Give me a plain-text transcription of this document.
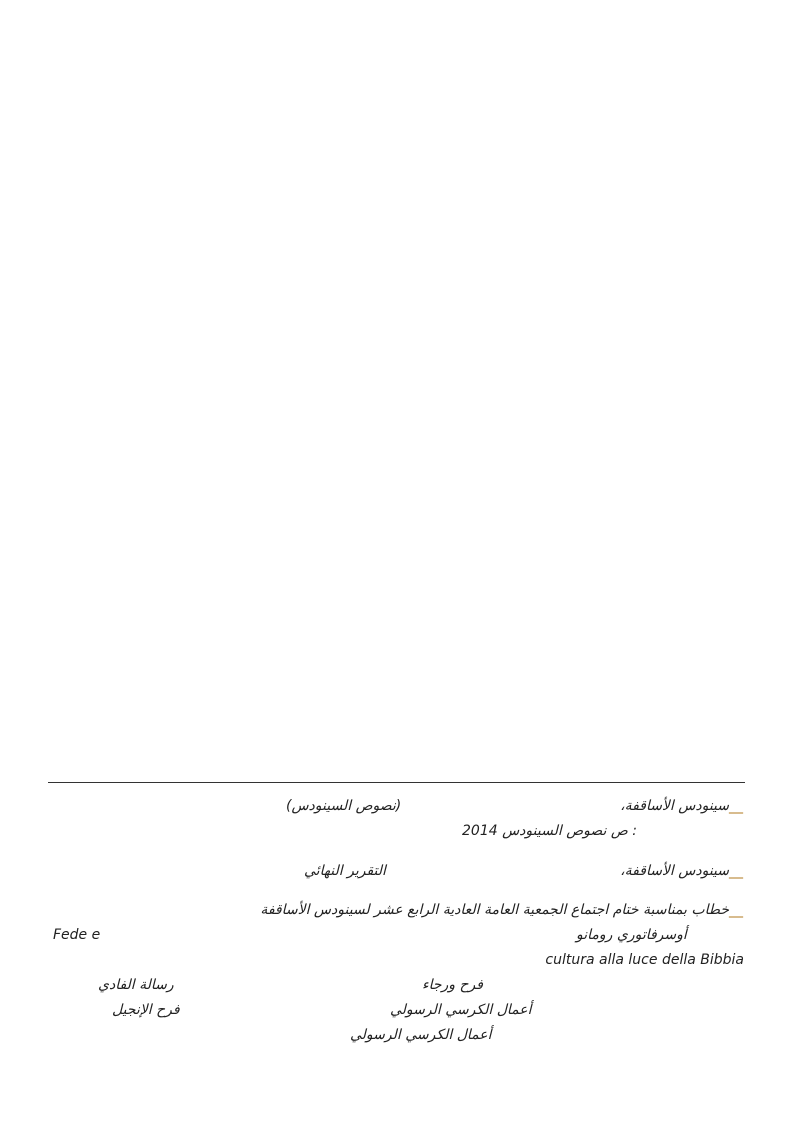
__سينودس الأساقفة،
(نصوص السينودس)
: ص نصوص السينودس 2014
__سينودس الأساقفة،
التقرير النهائي
__خطاب بمناسبة ختام اجتماع الجمعية العامة العادية الرابع عشر لسينودس الأساقفة
أوسرفاتوري رومانو
Fede e
cultura alla luce della Bibbia
فرح ورجاء
رسالة الفادي
أعمال الكرسي الرسولي
فرح الإنجيل
أعمال الكرسي الرسولي
